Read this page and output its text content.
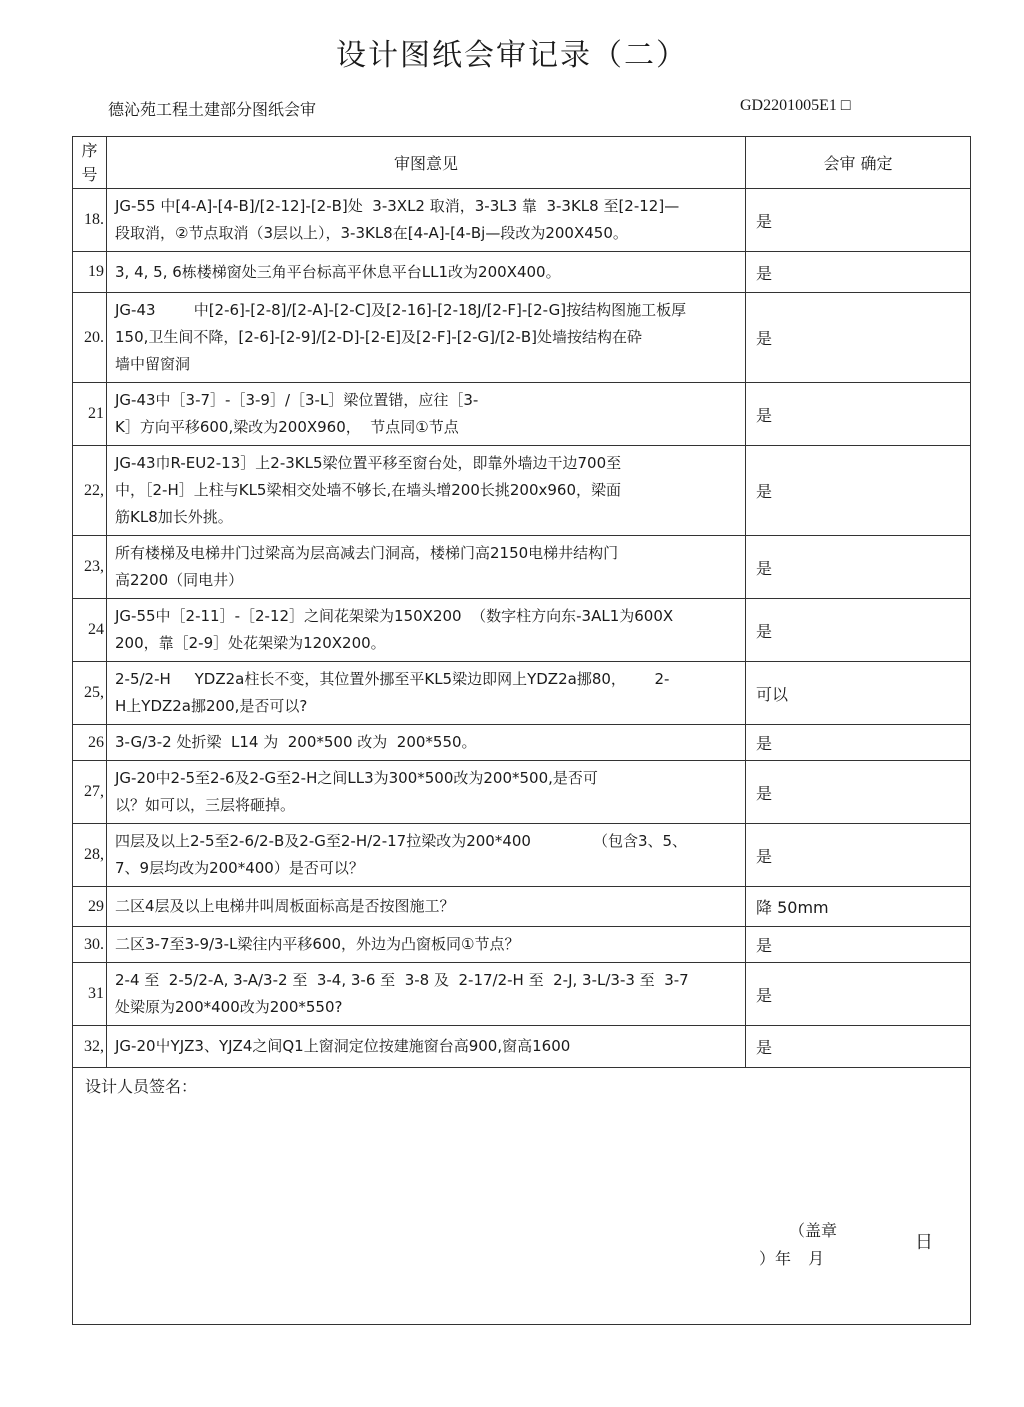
设计图纸会审记录（二）
德沁苑工程土建部分图纸会审	GD2201005E1 □
序
号	审图意见	会审 确定
18.	JG-55 中[4-A]-[4-B]/[2-12]-[2-B]处  3-3XL2 取消，3-3L3 靠  3-3KL8 至[2-12]—
段取消，②节点取消（3层以上），3-3KL8在[4-A]-[4-Bj—段改为200X450。	是
19	3, 4, 5, 6栋楼梯窗处三角平台标高平休息平台LL1改为200X400。	是
20.	JG-43        中[2-6]-[2-8]/[2-A]-[2-C]及[2-16]-[2-18J/[2-F]-[2-G]按结构图施工板厚
150,卫生间不降，[2-6]-[2-9]/[2-D]-[2-E]及[2-F]-[2-G]/[2-B]处墙按结构在砕
墙中留窗洞	是
21	JG-43中［3-7］-［3-9］/［3-L］梁位置错，应往［3-
K］方向平移600,梁改为200X960，  节点同①节点	是
22,	JG-43巾R-EU2-13］上2-3KL5梁位置平移至窗台处，即靠外墙边干边700至
中，［2-H］上柱与KL5梁相交处墙不够长,在墙头增200长挑200x960，梁面
筋KL8加长外挑。	是
23,	所有楼梯及电梯井门过梁高为层高减去门洞高，楼梯门高2150电梯井结构门
高2200（同电井）	是
24	JG-55中［2-11］-［2-12］之间花架梁为150X200  （数字柱方向东-3AL1为600X
200，靠［2-9］处花架梁为120X200。	是
25,	2-5/2-H     YDZ2a柱长不变，其位置外挪至平KL5梁边即网上YDZ2a挪80，      2-
H上YDZ2a挪200,是否可以?	可以
26	3-G/3-2 处折梁  L14 为  200*500 改为  200*550。	是
27,	JG-20中2-5至2-6及2-G至2-H之间LL3为300*500改为200*500,是否可
以？如可以，三层将砸掉。	是
28,	四层及以上2-5至2-6/2-B及2-G至2-H/2-17拉梁改为200*400             （包含3、5、
7、9层均改为200*400）是否可以？	是
29	二区4层及以上电梯井叫周板面标高是否按图施工？	降 50mm
30.	二区3-7至3-9/3-L梁往内平移600，外边为凸窗板同①节点？	是
31	2-4 至  2-5/2-A, 3-A/3-2 至  3-4, 3-6 至  3-8 及  2-17/2-H 至  2-J, 3-L/3-3 至  3-7
处梁原为200*400改为200*550?	是
32,	JG-20屮YJZ3、YJZ4之间Q1上窗洞定位按建施窗台高900,窗高1600	是

设计人员签名：
（盖章
日
）年 月		
